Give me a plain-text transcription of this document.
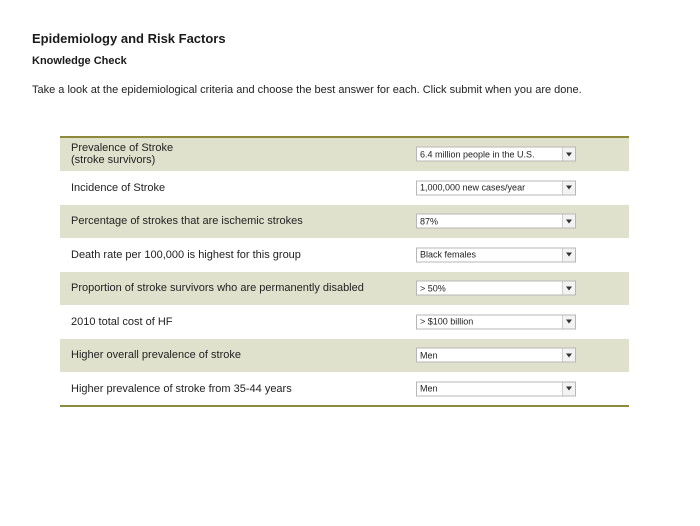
Epidemiology and Risk Factors
Knowledge Check
Take a look at the epidemiological criteria and choose the best answer for each. Click submit when you are done.
Prevalence of Stroke
(stroke survivors)	6.4 million people in the U.S.
Incidence of Stroke	1,000,000 new cases/year
Percentage of strokes that are ischemic strokes	87%
Death rate per 100,000 is highest for this group	Black females
Proportion of stroke survivors who are permanently disabled	> 50%
2010 total cost of HF	> $100 billion
Higher overall prevalence of stroke	Men
Higher prevalence of stroke from 35-44 years	Men
